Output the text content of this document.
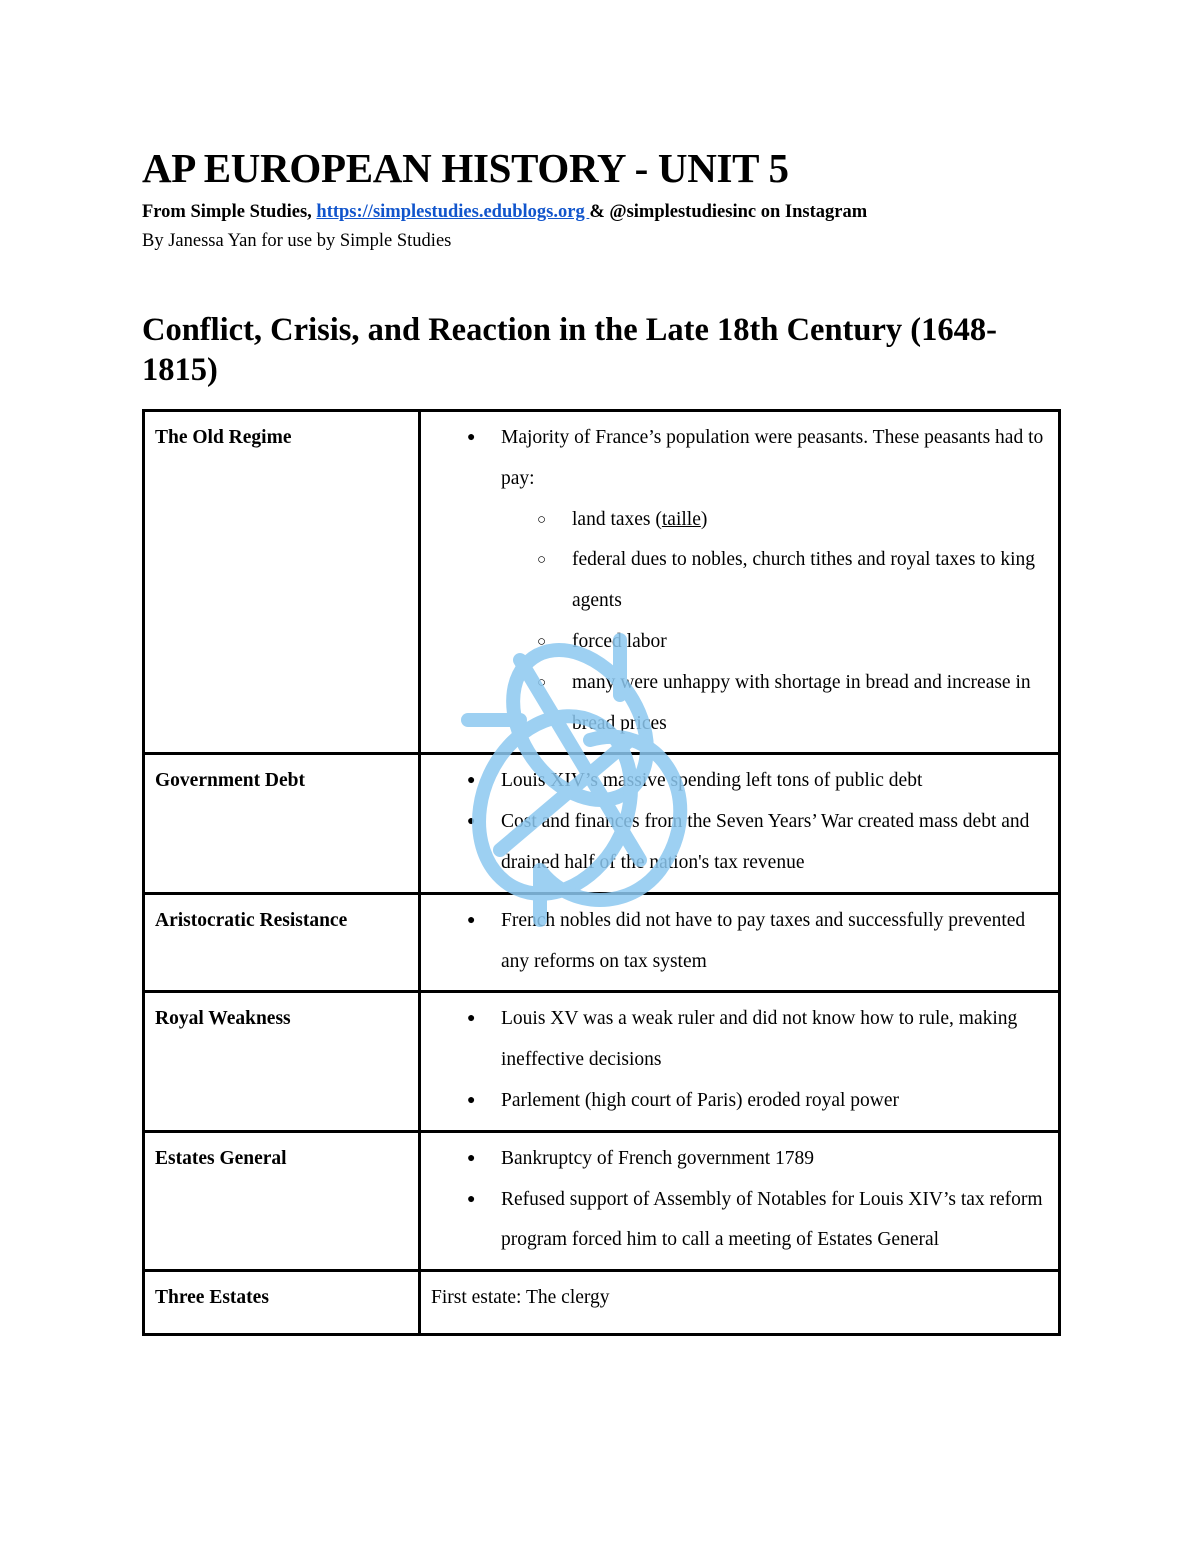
AP EUROPEAN HISTORY - UNIT 5
From Simple Studies, https://simplestudies.edublogs.org & @simplestudiesinc on Instagram
By Janessa Yan for use by Simple Studies
Conflict, Crisis, and Reaction in the Late 18th Century (1648-1815)
The Old Regime	● Majority of France’s population were peasants. These peasants had to pay:
○ land taxes (taille)
○ federal dues to nobles, church tithes and royal taxes to king agents
○ forced labor
○ many were unhappy with shortage in bread and increase in bread prices

Government Debt	● Louis XIV’s massive spending left tons of public debt
● Cost and finances from the Seven Years’ War created mass debt and drained half of the nation's tax revenue

Aristocratic Resistance	● French nobles did not have to pay taxes and successfully prevented any reforms on tax system

Royal Weakness	● Louis XV was a weak ruler and did not know how to rule, making ineffective decisions
● Parlement (high court of Paris) eroded royal power

Estates General	● Bankruptcy of French government 1789
● Refused support of Assembly of Notables for Louis XIV’s tax reform program forced him to call a meeting of Estates General

Three Estates	First estate: The clergy
